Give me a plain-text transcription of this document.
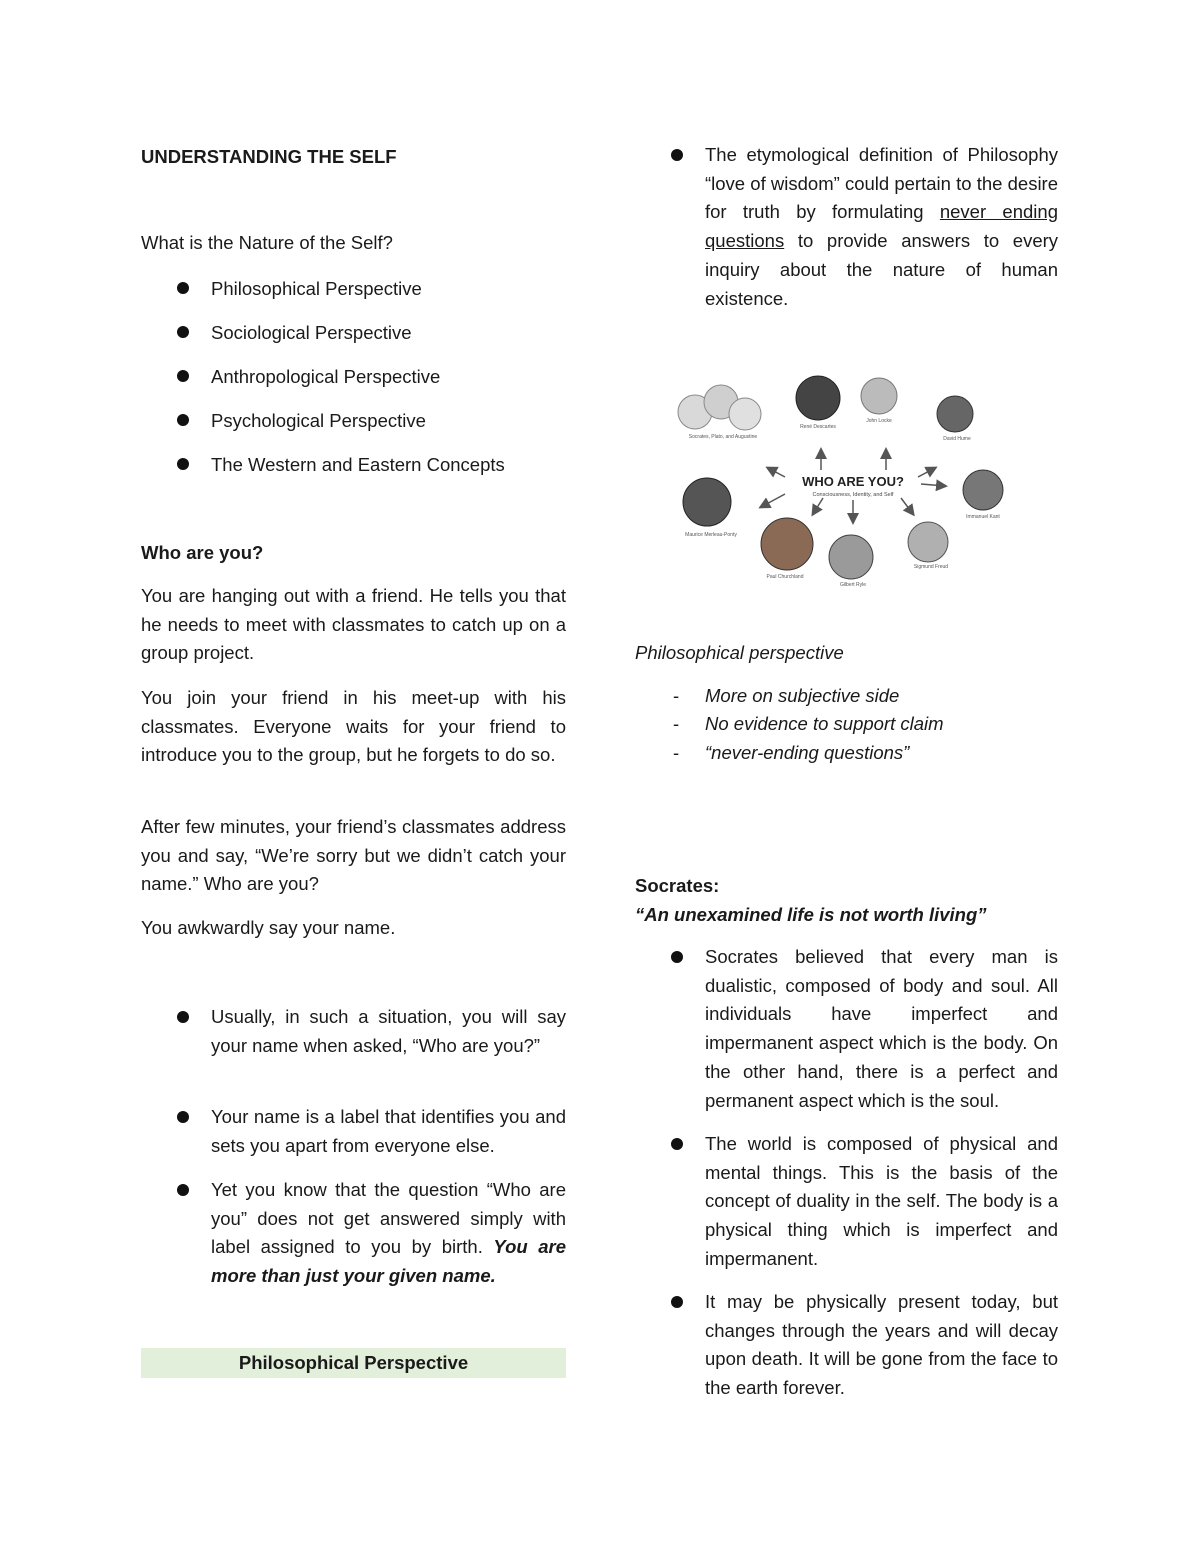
UNDERSTANDING THE SELF

What is the Nature of the Self?

Philosophical Perspective
Sociological Perspective
Anthropological Perspective
Psychological Perspective
The Western and Eastern Concepts

Who are you?

You are hanging out with a friend. He tells you that he needs to meet with classmates to catch up on a group project.

You join your friend in his meet-up with his classmates. Everyone waits for your friend to introduce you to the group, but he forgets to do so.

After few minutes, your friend’s classmates address you and say, “We’re sorry but we didn’t catch your name.” Who are you?

You awkwardly say your name.

Usually, in such a situation, you will say your name when asked, “Who are you?”
Your name is a label that identifies you and sets you apart from everyone else.
Yet you know that the question “Who are you” does not get answered simply with label assigned to you by birth. You are more than just your given name.
Philosophical Perspective
The etymological definition of Philosophy “love of wisdom” could pertain to the desire for truth by formulating never ending questions to provide answers to every inquiry about the nature of human existence.
WHO ARE YOU?
Consciousness, Identity, and Self
Socrates, Plato, and Augustine
René Descartes
John Locke
David Hume
Immanuel Kant
Maurice Merleau-Ponty
Paul Churchland
Gilbert Ryle
Sigmund Freud

Philosophical perspective

- More on subjective side
- No evidence to support claim
- “never-ending questions”

Socrates:

“An unexamined life is not worth living”

Socrates believed that every man is dualistic, composed of body and soul. All individuals have imperfect and impermanent aspect which is the body. On the other hand, there is a perfect and permanent aspect which is the soul.
The world is composed of physical and mental things. This is the basis of the concept of duality in the self. The body is a physical thing which is imperfect and impermanent.
It may be physically present today, but changes through the years and will decay upon death. It will be gone from the face to the earth forever.
